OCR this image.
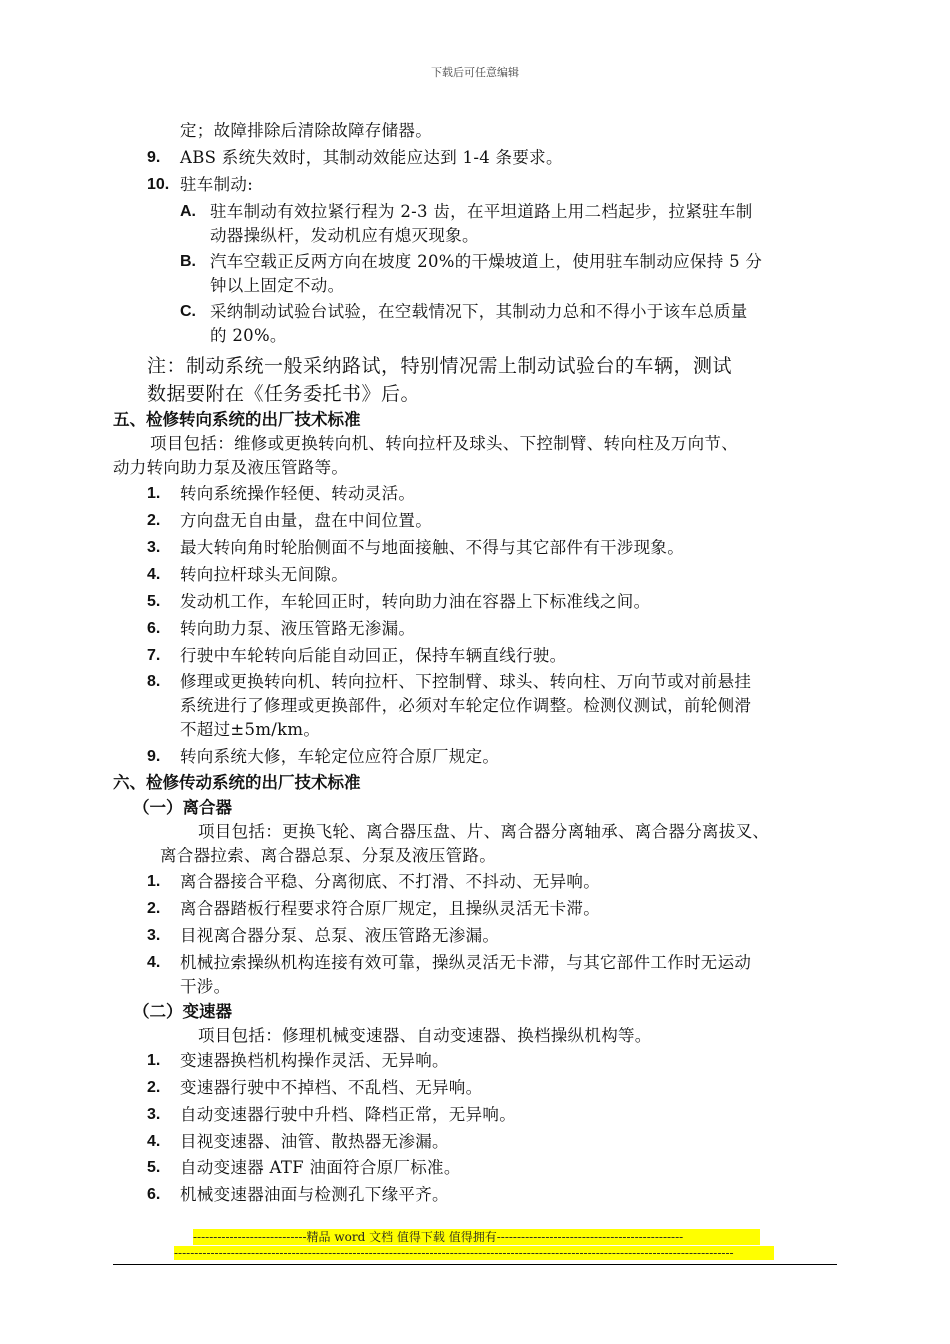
下载后可任意编辑
定；故障排除后清除故障存储器。
9. ABS 系统失效时，其制动效能应达到 1-4 条要求。
10. 驻车制动:
A. 驻车制动有效拉紧行程为 2-3 齿，在平坦道路上用二档起步，拉紧驻车制
动器操纵杆，发动机应有熄灭现象。
B. 汽车空载正反两方向在坡度 20%的干燥坡道上，使用驻车制动应保持 5 分
钟以上固定不动。
C. 采纳制动试验台试验，在空载情况下，其制动力总和不得小于该车总质量
的 20%。
注：制动系统一般采纳路试，特别情况需上制动试验台的车辆，测试
数据要附在《任务委托书》后。
五、检修转向系统的出厂技术标准
项目包括：维修或更换转向机、转向拉杆及球头、下控制臂、转向柱及万向节、
动力转向助力泵及液压管路等。
1. 转向系统操作轻便、转动灵活。
2. 方向盘无自由量，盘在中间位置。
3. 最大转向角时轮胎侧面不与地面接触、不得与其它部件有干涉现象。
4. 转向拉杆球头无间隙。
5. 发动机工作，车轮回正时，转向助力油在容器上下标准线之间。
6. 转向助力泵、液压管路无渗漏。
7. 行驶中车轮转向后能自动回正，保持车辆直线行驶。
8. 修理或更换转向机、转向拉杆、下控制臂、球头、转向柱、万向节或对前悬挂
系统进行了修理或更换部件，必须对车轮定位作调整。检测仪测试，前轮侧滑
不超过±5m/km。
9. 转向系统大修，车轮定位应符合原厂规定。
六、检修传动系统的出厂技术标准
（一）离合器
项目包括：更换飞轮、离合器压盘、片、离合器分离轴承、离合器分离拔叉、
离合器拉索、离合器总泵、分泵及液压管路。
1. 离合器接合平稳、分离彻底、不打滑、不抖动、无异响。
2. 离合器踏板行程要求符合原厂规定，且操纵灵活无卡滞。
3. 目视离合器分泵、总泵、液压管路无渗漏。
4. 机械拉索操纵机构连接有效可靠，操纵灵活无卡滞，与其它部件工作时无运动
干涉。
（二）变速器
项目包括：修理机械变速器、自动变速器、换档操纵机构等。
1. 变速器换档机构操作灵活、无异响。
2. 变速器行驶中不掉档、不乱档、无异响。
3. 自动变速器行驶中升档、降档正常，无异响。
4. 目视变速器、油管、散热器无渗漏。
5. 自动变速器 ATF 油面符合原厂标准。
6. 机械变速器油面与检测孔下缘平齐。
----------------------------精品 word 文档 值得下载 值得拥有----------------------------------------------
------------------------------------------------------------------------------------------------------------------------------------------
